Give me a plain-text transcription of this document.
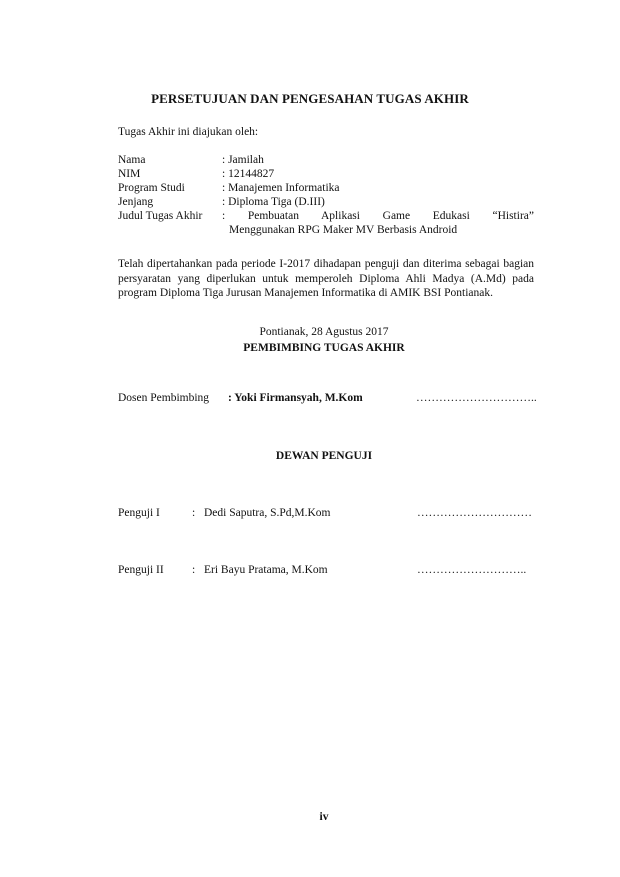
PERSETUJUAN DAN PENGESAHAN TUGAS AKHIR
Tugas Akhir ini diajukan oleh:
Nama	: Jamilah
NIM	: 12144827
Program Studi	: Manajemen Informatika
Jenjang	: Diploma Tiga (D.III)
Judul Tugas Akhir : Pembuatan Aplikasi Game Edukasi “Histira”
Menggunakan RPG Maker MV Berbasis Android
Telah dipertahankan pada periode I-2017 dihadapan penguji dan diterima sebagai bagian persyaratan yang diperlukan untuk memperoleh Diploma Ahli Madya (A.Md) pada program Diploma Tiga Jurusan Manajemen Informatika di AMIK BSI Pontianak.
Pontianak, 28 Agustus 2017
PEMBIMBING TUGAS AKHIR
Dosen Pembimbing : Yoki Firmansyah, M.Kom	…………………………..
DEWAN PENGUJI
Penguji I	: Dedi Saputra, S.Pd,M.Kom	…………………………
Penguji II : Eri Bayu Pratama, M.Kom	………………………..
iv
